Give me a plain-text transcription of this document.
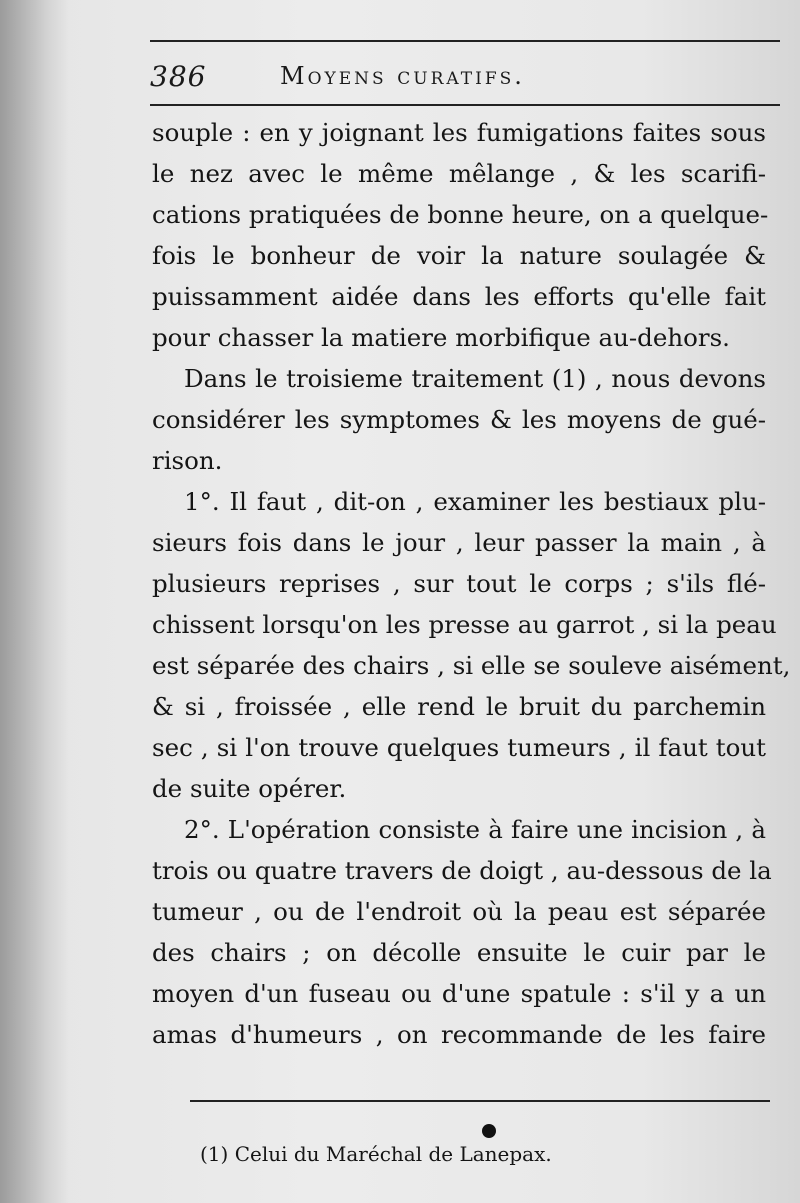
386	Moyens curatifs.
souple : en y joignant les fumigations faites sous
le nez avec le même mêlange , & les scarifi-
cations pratiquées de bonne heure, on a quelque-
fois le bonheur de voir la nature soulagée &
puissamment aidée dans les efforts qu'elle fait
pour chasser la matiere morbifique au-dehors.
Dans le troisieme traitement (1) , nous devons
considérer les symptomes & les moyens de gué-
rison.
1°. Il faut , dit-on , examiner les bestiaux plu-
sieurs fois dans le jour , leur passer la main , à
plusieurs reprises , sur tout le corps ; s'ils flé-
chissent lorsqu'on les presse au garrot , si la peau
est séparée des chairs , si elle se souleve aisément,
& si , froissée , elle rend le bruit du parchemin
sec , si l'on trouve quelques tumeurs , il faut tout
de suite opérer.
2°. L'opération consiste à faire une incision , à
trois ou quatre travers de doigt , au-dessous de la
tumeur , ou de l'endroit où la peau est séparée
des chairs ; on décolle ensuite le cuir par le
moyen d'un fuseau ou d'une spatule : s'il y a un
amas d'humeurs , on recommande de les faire
(1) Celui du Maréchal de Lanepax.
